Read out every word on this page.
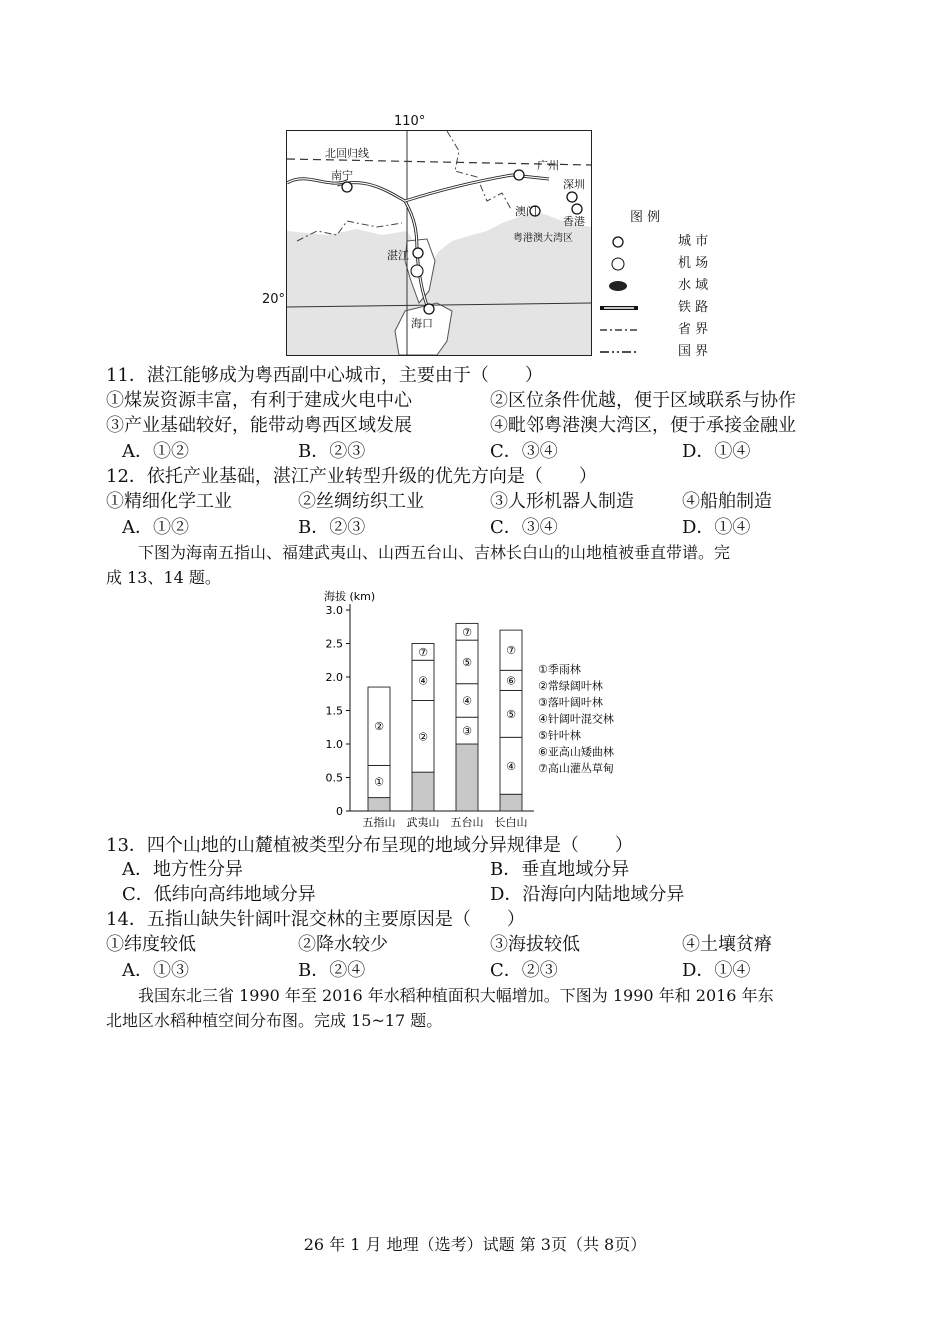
110°
20°
北回归线
南宁
广州
深圳
澳门
香港
粤港澳大湾区
湛江
海口
图 例
城 市
机 场
水 域
铁 路
省 界
国 界
11．湛江能够成为粤西副中心城市，主要由于（　　）
①煤炭资源丰富，有利于建成火电中心	②区位条件优越，便于区域联系与协作
③产业基础较好，能带动粤西区域发展	④毗邻粤港澳大湾区，便于承接金融业
A．①②	B．②③	C．③④	D．①④
12．依托产业基础，湛江产业转型升级的优先方向是（　　）
①精细化学工业	②丝绸纺织工业	③人形机器人制造	④船舶制造
A．①②	B．②③	C．③④	D．①④
下图为海南五指山、福建武夷山、山西五台山、吉林长白山的山地植被垂直带谱。完
成 13、14 题。
海拔 (km)
0
0.5
1.0
1.5
2.0
2.5
3.0
①
②
五指山
②
④
⑦
武夷山
③
④
⑤
⑦
五台山
④
⑤
⑥
⑦
长白山
①季雨林
②常绿阔叶林
③落叶阔叶林
④针阔叶混交林
⑤针叶林
⑥亚高山矮曲林
⑦高山灌丛草甸
13．四个山地的山麓植被类型分布呈现的地域分异规律是（　　）
A．地方性分异	B．垂直地域分异
C．低纬向高纬地域分异	D．沿海向内陆地域分异
14．五指山缺失针阔叶混交林的主要原因是（　　）
①纬度较低	②降水较少	③海拔较低	④土壤贫瘠
A．①③	B．②④	C．②③	D．①④
我国东北三省 1990 年至 2016 年水稻种植面积大幅增加。下图为 1990 年和 2016 年东
北地区水稻种植空间分布图。完成 15~17 题。
26 年 1 月 地理（选考）试题 第 3页（共 8页）
